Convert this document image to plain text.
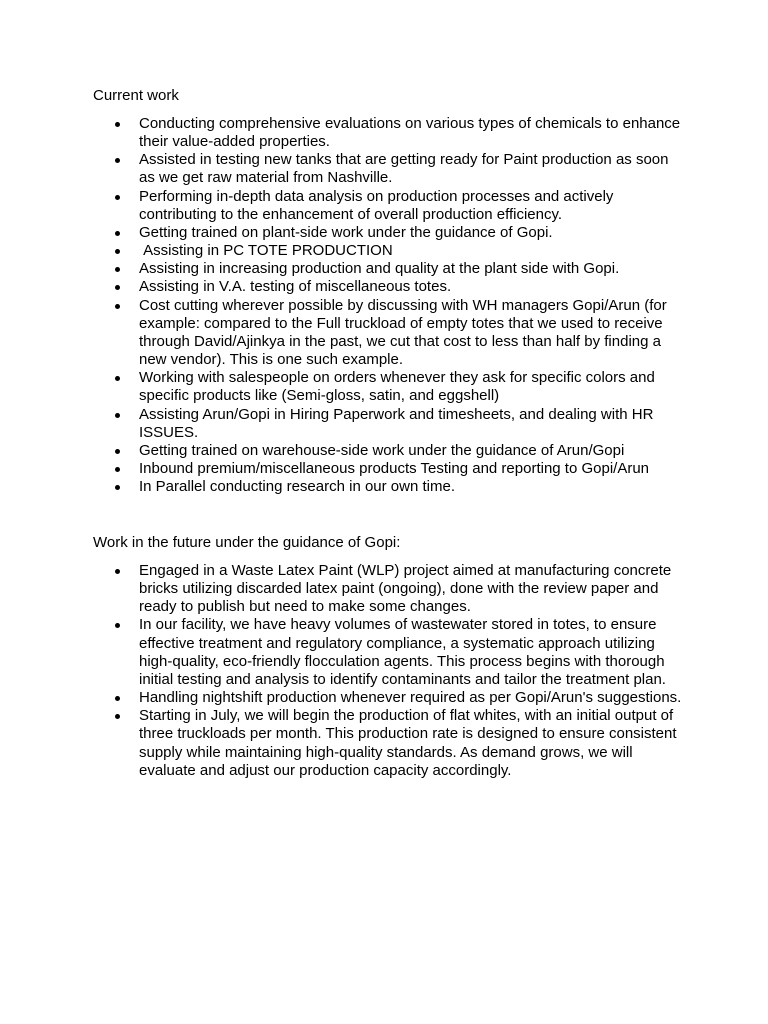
Current work

Conducting comprehensive evaluations on various types of chemicals to enhance their value-added properties.
Assisted in testing new tanks that are getting ready for Paint production as soon as we get raw material from Nashville.
Performing in-depth data analysis on production processes and actively contributing to the enhancement of overall production efficiency.
Getting trained on plant-side work under the guidance of Gopi.
Assisting in PC TOTE PRODUCTION
Assisting in increasing production and quality at the plant side with Gopi.
Assisting in V.A. testing of miscellaneous totes.
Cost cutting wherever possible by discussing with WH managers Gopi/Arun (for example: compared to the Full truckload of empty totes that we used to receive through David/Ajinkya in the past, we cut that cost to less than half by finding a new vendor). This is one such example.
Working with salespeople on orders whenever they ask for specific colors and specific products like (Semi-gloss, satin, and eggshell)
Assisting Arun/Gopi in Hiring Paperwork and timesheets, and dealing with HR ISSUES.
Getting trained on warehouse-side work under the guidance of Arun/Gopi
Inbound premium/miscellaneous products Testing and reporting to Gopi/Arun
In Parallel conducting research in our own time.

Work in the future under the guidance of Gopi:

Engaged in a Waste Latex Paint (WLP) project aimed at manufacturing concrete bricks utilizing discarded latex paint (ongoing), done with the review paper and ready to publish but need to make some changes.
In our facility, we have heavy volumes of wastewater stored in totes, to ensure effective treatment and regulatory compliance, a systematic approach utilizing high-quality, eco-friendly flocculation agents. This process begins with thorough initial testing and analysis to identify contaminants and tailor the treatment plan.
Handling nightshift production whenever required as per Gopi/Arun's suggestions.
Starting in July, we will begin the production of flat whites, with an initial output of three truckloads per month. This production rate is designed to ensure consistent supply while maintaining high-quality standards. As demand grows, we will evaluate and adjust our production capacity accordingly.
